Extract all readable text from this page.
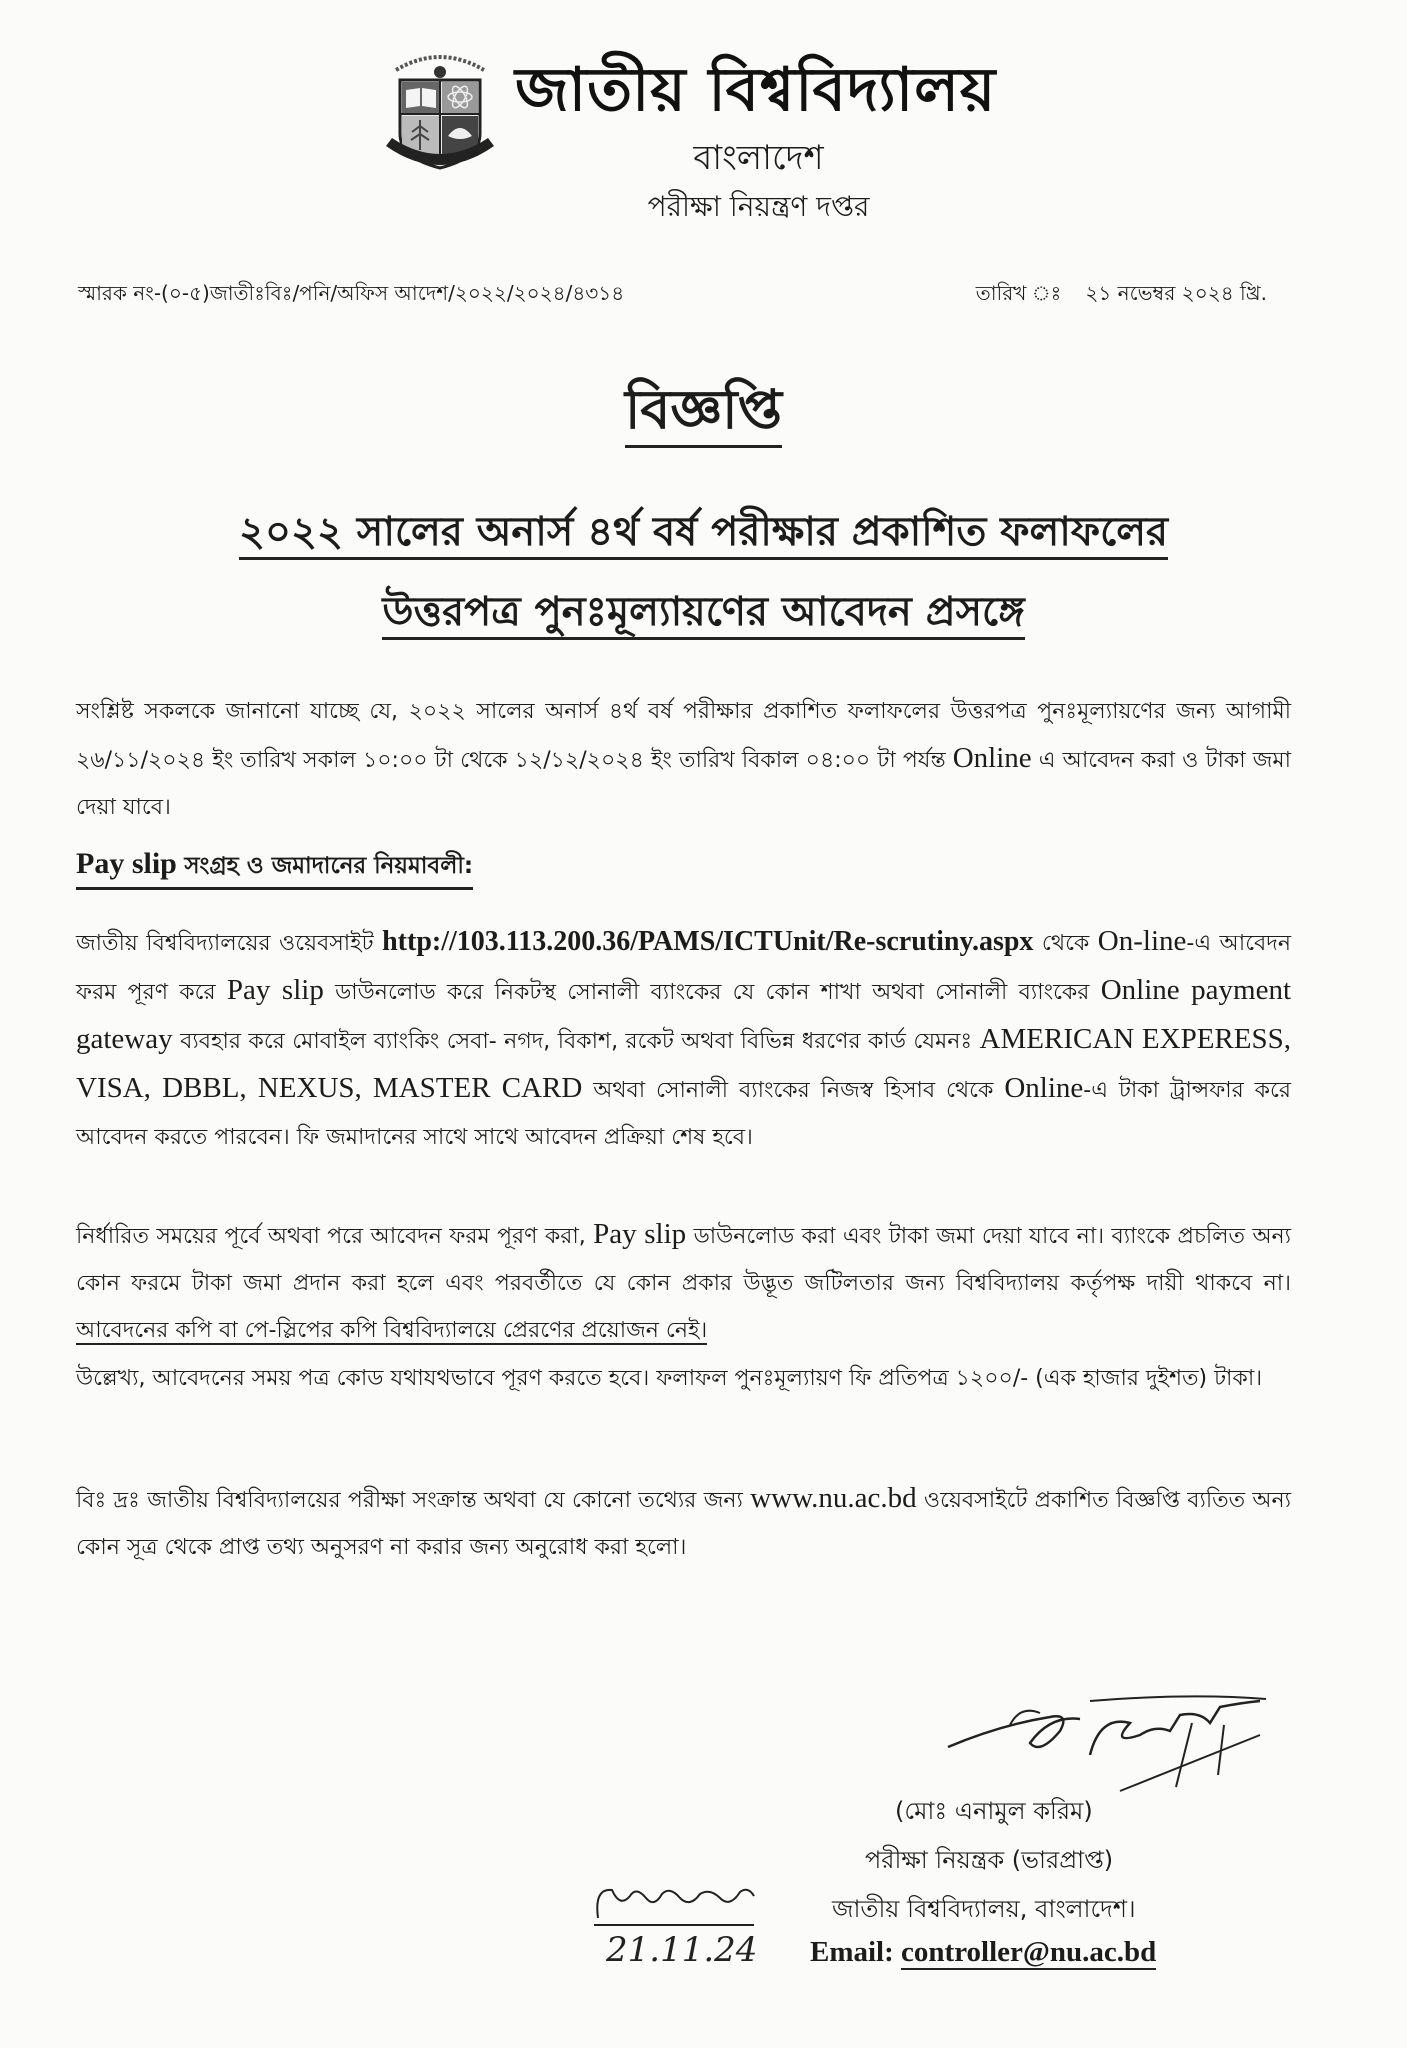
জাতীয় বিশ্ববিদ্যালয়
বাংলাদেশ
পরীক্ষা নিয়ন্ত্রণ দপ্তর
স্মারক নং-(০-৫)জাতীঃবিঃ/পনি/অফিস আদেশ/২০২২/২০২৪/৪৩১৪	তারিখ ঃ ২১ নভেম্বর ২০২৪ খ্রি.
বিজ্ঞপ্তি
২০২২ সালের অনার্স ৪র্থ বর্ষ পরীক্ষার প্রকাশিত ফলাফলের
উত্তরপত্র পুনঃমূল্যায়ণের আবেদন প্রসঙ্গে
সংশ্লিষ্ট সকলকে জানানো যাচ্ছে যে, ২০২২ সালের অনার্স ৪র্থ বর্ষ পরীক্ষার প্রকাশিত ফলাফলের উত্তরপত্র পুনঃমূল্যায়ণের জন্য আগামী ২৬/১১/২০২৪ ইং তারিখ সকাল ১০:০০ টা থেকে ১২/১২/২০২৪ ইং তারিখ বিকাল ০৪:০০ টা পর্যন্ত Online এ আবেদন করা ও টাকা জমা দেয়া যাবে।
Pay slip সংগ্রহ ও জমাদানের নিয়মাবলী:
জাতীয় বিশ্ববিদ্যালয়ের ওয়েবসাইট http://103.113.200.36/PAMS/ICTUnit/Re-scrutiny.aspx থেকে On-line-এ আবেদন ফরম পূরণ করে Pay slip ডাউনলোড করে নিকটস্থ সোনালী ব্যাংকের যে কোন শাখা অথবা সোনালী ব্যাংকের Online payment gateway ব্যবহার করে মোবাইল ব্যাংকিং সেবা- নগদ, বিকাশ, রকেট অথবা বিভিন্ন ধরণের কার্ড যেমনঃ AMERICAN EXPERESS, VISA, DBBL, NEXUS, MASTER CARD অথবা সোনালী ব্যাংকের নিজস্ব হিসাব থেকে Online-এ টাকা ট্রান্সফার করে আবেদন করতে পারবেন। ফি জমাদানের সাথে সাথে আবেদন প্রক্রিয়া শেষ হবে।
নির্ধারিত সময়ের পূর্বে অথবা পরে আবেদন ফরম পূরণ করা, Pay slip ডাউনলোড করা এবং টাকা জমা দেয়া যাবে না। ব্যাংকে প্রচলিত অন্য কোন ফরমে টাকা জমা প্রদান করা হলে এবং পরবর্তীতে যে কোন প্রকার উদ্ভূত জটিলতার জন্য বিশ্ববিদ্যালয় কর্তৃপক্ষ দায়ী থাকবে না। আবেদনের কপি বা পে-স্লিপের কপি বিশ্ববিদ্যালয়ে প্রেরণের প্রয়োজন নেই।
উল্লেখ্য, আবেদনের সময় পত্র কোড যথাযথভাবে পূরণ করতে হবে। ফলাফল পুনঃমূল্যায়ণ ফি প্রতিপত্র ১২০০/- (এক হাজার দুইশত) টাকা।
বিঃ দ্রঃ জাতীয় বিশ্ববিদ্যালয়ের পরীক্ষা সংক্রান্ত অথবা যে কোনো তথ্যের জন্য www.nu.ac.bd ওয়েবসাইটে প্রকাশিত বিজ্ঞপ্তি ব্যতিত অন্য কোন সূত্র থেকে প্রাপ্ত তথ্য অনুসরণ না করার জন্য অনুরোধ করা হলো।
(মোঃ এনামুল করিম)
পরীক্ষা নিয়ন্ত্রক (ভারপ্রাপ্ত)
জাতীয় বিশ্ববিদ্যালয়, বাংলাদেশ।
Email: controller@nu.ac.bd
21.11.24
